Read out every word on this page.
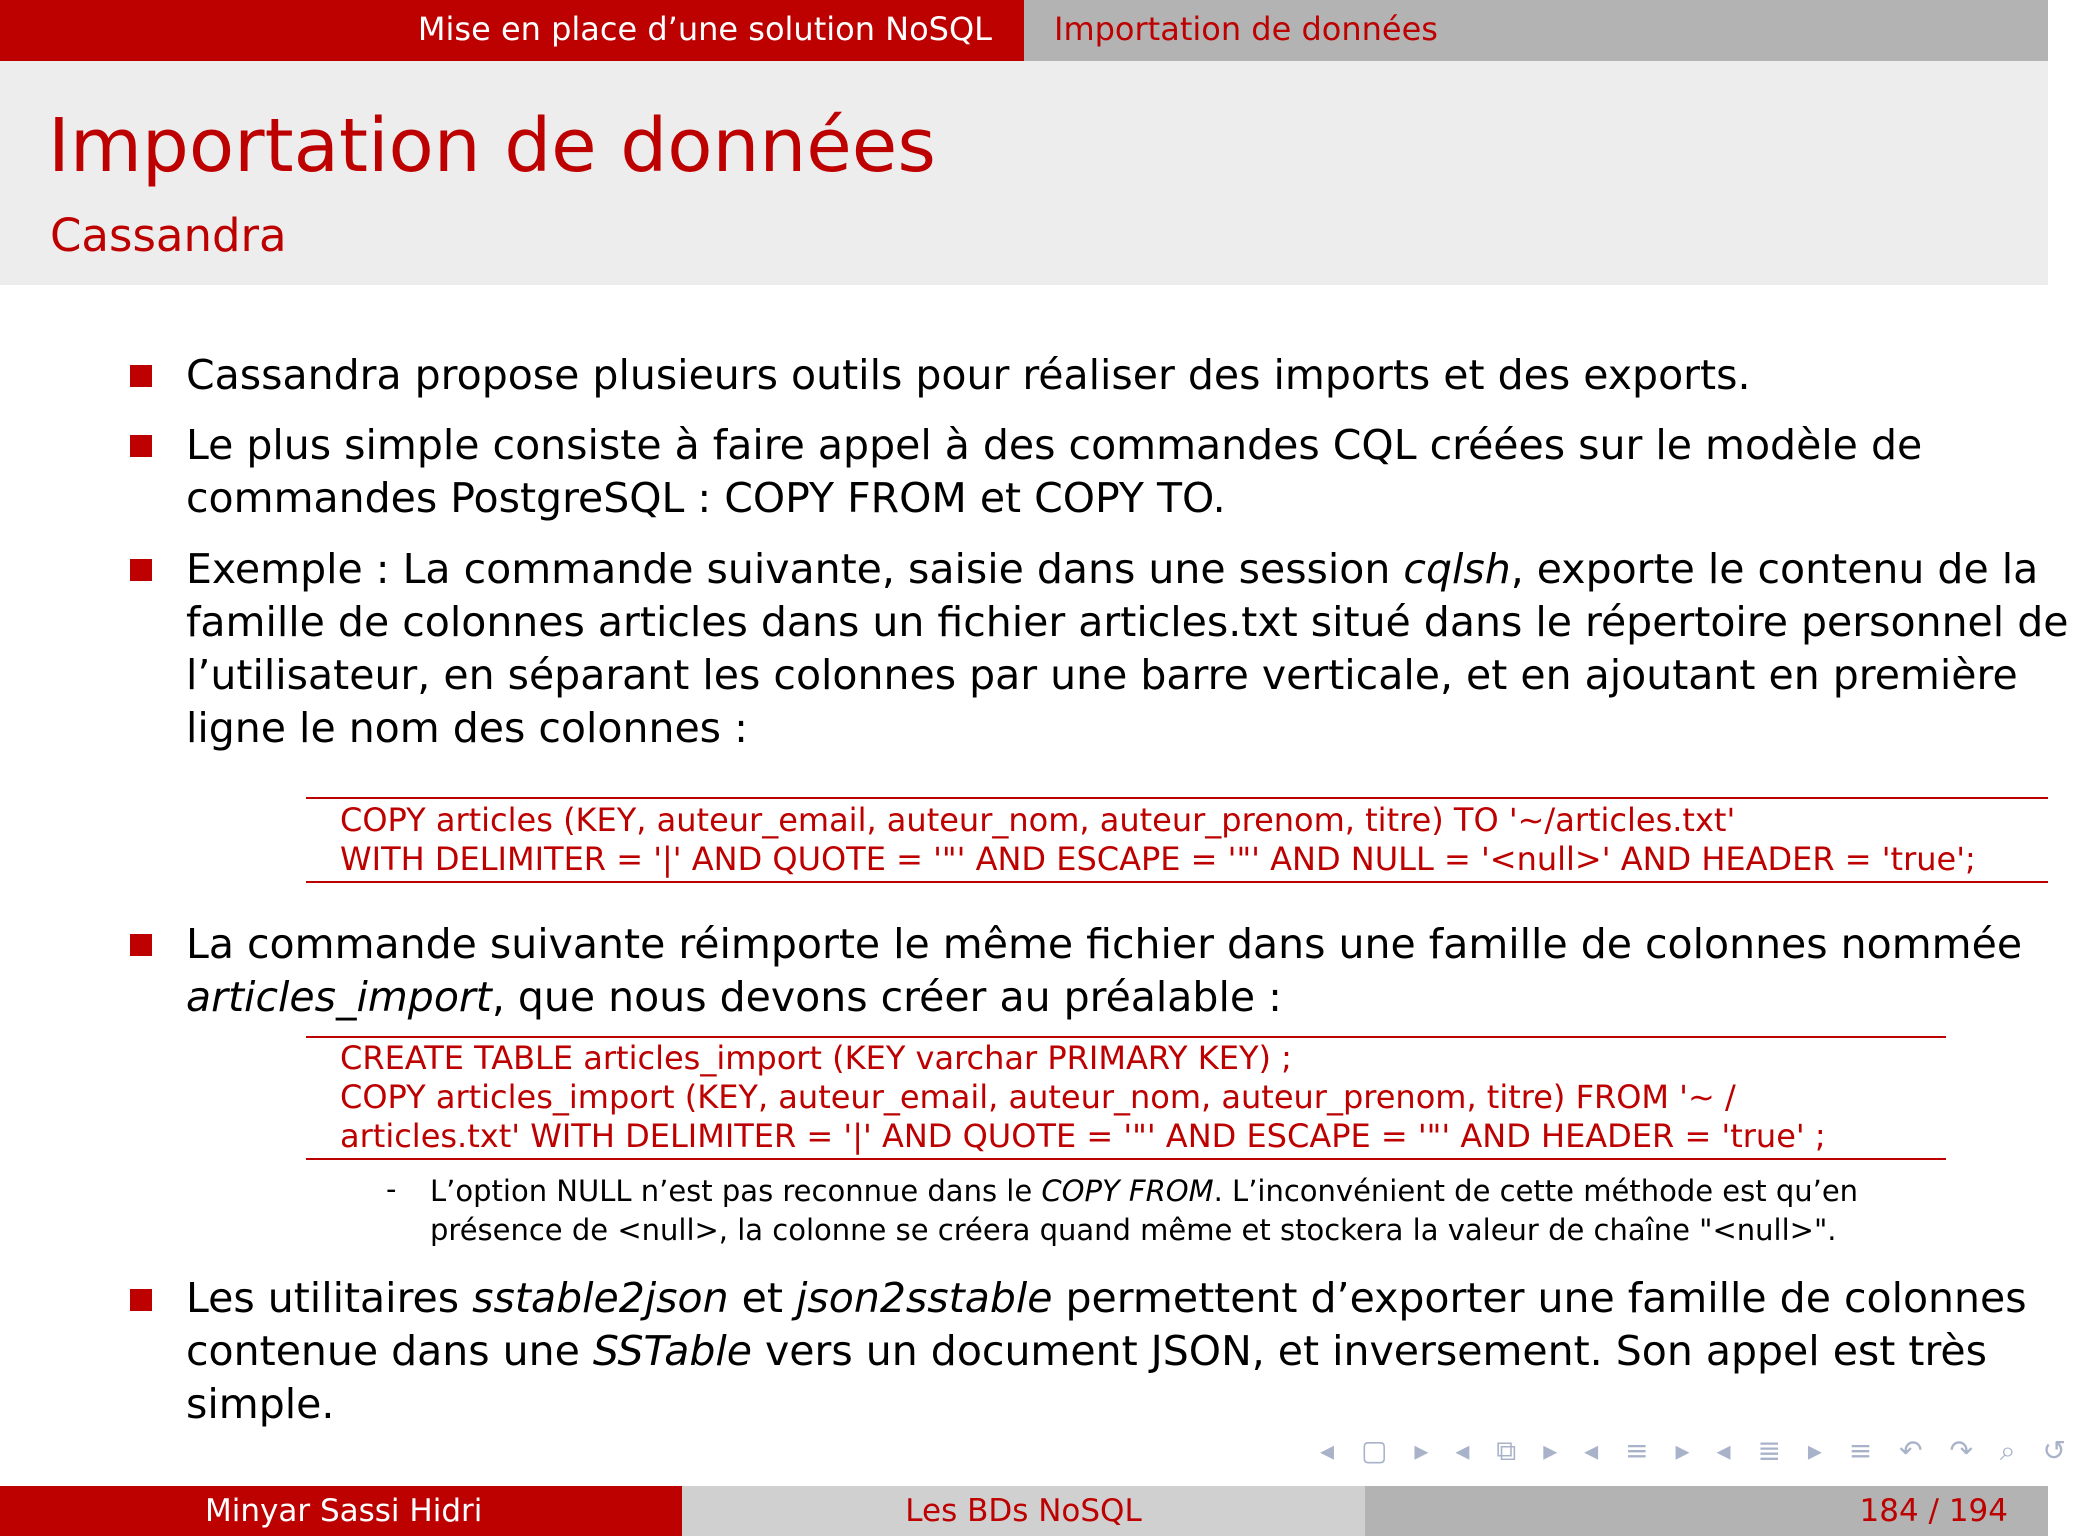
Mise en place d’une solution NoSQL	Importation de données
Importation de données
Cassandra
Cassandra propose plusieurs outils pour réaliser des imports et des exports.
Le plus simple consiste à faire appel à des commandes CQL créées sur le modèle de
commandes PostgreSQL : COPY FROM et COPY TO.
Exemple : La commande suivante, saisie dans une session cqlsh, exporte le contenu de la
famille de colonnes articles dans un fichier articles.txt situé dans le répertoire personnel de
l’utilisateur, en séparant les colonnes par une barre verticale, et en ajoutant en première
ligne le nom des colonnes :
COPY articles (KEY, auteur_email, auteur_nom, auteur_prenom, titre) TO '∼/articles.txt'
WITH DELIMITER = '|' AND QUOTE = '"' AND ESCAPE = '"' AND NULL = '<null>' AND HEADER = 'true';
La commande suivante réimporte le même fichier dans une famille de colonnes nommée
articles_import, que nous devons créer au préalable :
CREATE TABLE articles_import (KEY varchar PRIMARY KEY) ;
COPY articles_import (KEY, auteur_email, auteur_nom, auteur_prenom, titre) FROM '∼ /
articles.txt' WITH DELIMITER = '|' AND QUOTE = '"' AND ESCAPE = '"' AND HEADER = 'true' ;
- L’option NULL n’est pas reconnue dans le COPY FROM. L’inconvénient de cette méthode est qu’en
présence de <null>, la colonne se créera quand même et stockera la valeur de chaîne "<null>".
Les utilitaires sstable2json et json2sstable permettent d’exporter une famille de colonnes
contenue dans une SSTable vers un document JSON, et inversement. Son appel est très
simple.
◂ ▢ ▸ ◂ ⧉ ▸ ◂ ≡ ▸ ◂ ≣ ▸ ≡ ↶ ↷ ⌕ ↺
Minyar Sassi Hidri	Les BDs NoSQL	184 / 194
